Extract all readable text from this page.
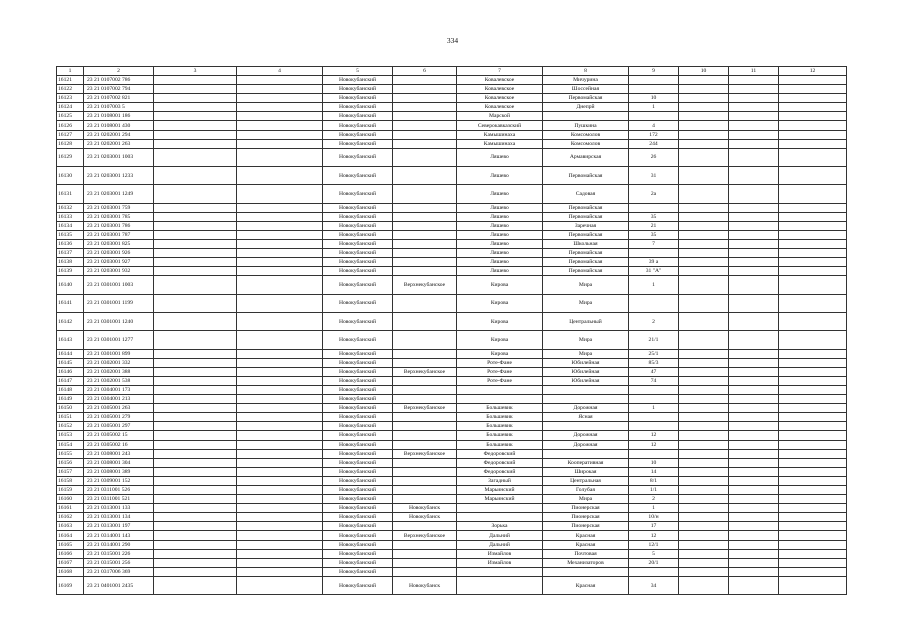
334
1	2	3	4	5	6	7	8	9	10	11	12
16121	23 21 0107002 786			Новокубанский		Ковалевское	Мичурина				
16122	23 21 0107002 794			Новокубанский		Ковалевское	Шоссейная				
16123	23 21 0107002 821			Новокубанский		Ковалевское	Первомайская	10			
16124	23 21 0107003 5			Новокубанский		Ковалевское	Днепрй	1			
16125	23 21 0108001 186			Новокубанский		Марской					
16126	23 21 0108001 430			Новокубанский		Северокавказский	Пушкина	4			
16127	23 21 0202001 294			Новокубанский		Камышинаха	Комсомолов	172			
16128	23 21 0202001 263			Новокубанский		Камышинаха	Комсомолов	244			
16129	23 21 0203001 1003			Новокубанский		Ляшево	Армавирская	26			
16130	23 21 0203001 1233			Новокубанский		Ляшево	Первомайская	31			
16131	23 21 0203001 1249			Новокубанский		Ляшево	Садовая	2а			
16132	23 21 0203001 759			Новокубанский		Ляшево	Первомайская				
16133	23 21 0203001 785			Новокубанский		Ляшево	Первомайская	35			
16134	23 21 0203001 786			Новокубанский		Ляшево	Заречная	21			
16135	23 21 0203001 787			Новокубанский		Ляшево	Первомайская	35			
16136	23 21 0203001 825			Новокубанский		Ляшево	Школьная	7			
16137	23 21 0203001 926			Новокубанский		Ляшево	Первомайская				
16138	23 21 0203001 927			Новокубанский		Ляшево	Первомайская	39 а			
16139	23 21 0203001 932			Новокубанский		Ляшево	Первомайская	31 "А"			
16140	23 21 0301001 1003			Новокубанский	Верхнекубанское	Кирова	Мира	1			
16141	23 21 0301001 1199			Новокубанский		Кирова	Мира				
16142	23 21 0301001 1240			Новокубанский		Кирова	Центральный	2			
16143	23 21 0301001 1277			Новокубанский		Кирова	Мира	21/1			
16144	23 21 0301001 899			Новокубанский		Кирова	Мира	25/1			
16145	23 21 0302001 332			Новокубанский		Роте-Фане	Юбилейная	85/3			
16146	23 21 0302001 388			Новокубанский	Верхнекубанское	Роте-Фане	Юбилейная	47			
16147	23 21 0302001 538			Новокубанский		Роте-Фане	Юбилейная	74			
16148	23 21 0304001 173			Новокубанский							
16149	23 21 0304001 213			Новокубанский							
16150	23 21 0305001 263			Новокубанский	Верхнекубанское	Большевик	Дорожная	1			
16151	23 21 0305001 279			Новокубанский		Большевик	Ясная				
16152	23 21 0305001 297			Новокубанский		Большевик					
16153	23 21 0305002 15			Новокубанский		Большевик	Дорожная	12			
16154	23 21 0305002 16			Новокубанский		Большевик	Дорожная	12			
16155	23 21 0308001 243			Новокубанский	Верхнекубанское	Федоровский					
16156	23 21 0308001 304			Новокубанский		Федоровский	Кооперативная	10			
16157	23 21 0308001 389			Новокубанский		Федоровский	Широкая	14			
16158	23 21 0309001 152			Новокубанский		Загадный	Центральная	8/1			
16159	23 21 0311001 526			Новокубанский		Марьинский	Голубая	1/1			
16160	23 21 0311001 521			Новокубанский		Марьинский	Мира	2			
16161	23 21 0313001 133			Новокубанский	Новокубанск		Пионерская	1			
16162	23 21 0313001 134			Новокубанский	Новокубанск		Пионерская	10/н			
16163	23 21 0313001 197			Новокубанский		Зорька	Пионерская	17			
16164	23 21 0314001 143			Новокубанский	Верхнекубанское	Дальний	Красная	12			
16165	23 21 0314001 290			Новокубанский		Дальний	Красная	12/1			
16166	23 21 0315001 226			Новокубанский		Измайлов	Почтовая	5			
16167	23 21 0315001 256			Новокубанский		Измайлов	Механизаторов	20/1			
16168	23 21 0317006 369			Новокубанский							
16169	23 21 0401001 2435			Новокубанский	Новокубанск		Красная	34			
